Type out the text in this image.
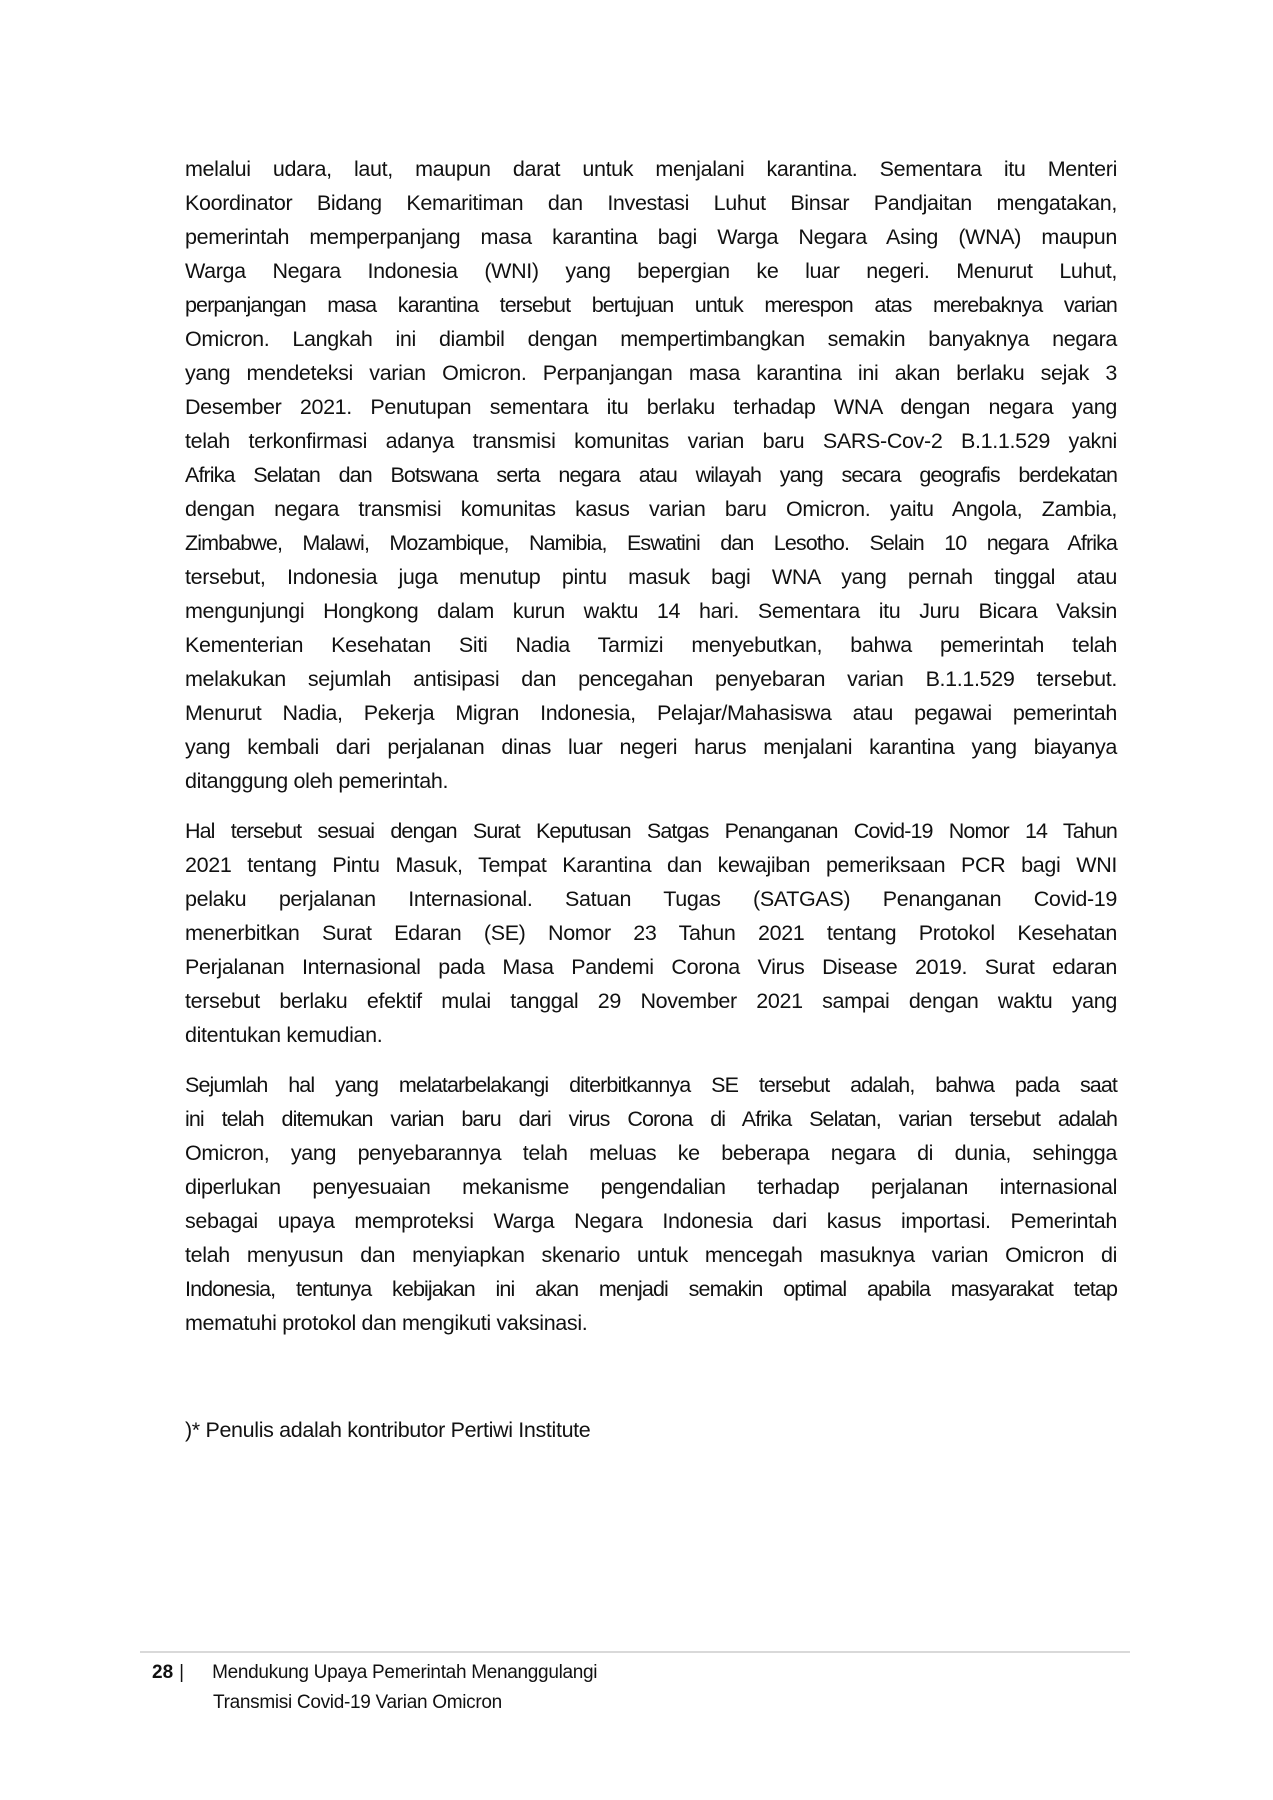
melalui udara, laut, maupun darat untuk menjalani karantina. Sementara itu Menteri
Koordinator Bidang Kemaritiman dan Investasi Luhut Binsar Pandjaitan mengatakan,
pemerintah memperpanjang masa karantina bagi Warga Negara Asing (WNA) maupun
Warga Negara Indonesia (WNI) yang bepergian ke luar negeri. Menurut Luhut,
perpanjangan masa karantina tersebut bertujuan untuk merespon atas merebaknya varian
Omicron. Langkah ini diambil dengan mempertimbangkan semakin banyaknya negara
yang mendeteksi varian Omicron. Perpanjangan masa karantina ini akan berlaku sejak 3
Desember 2021. Penutupan sementara itu berlaku terhadap WNA dengan negara yang
telah terkonfirmasi adanya transmisi komunitas varian baru SARS-Cov-2 B.1.1.529 yakni
Afrika Selatan dan Botswana serta negara atau wilayah yang secara geografis berdekatan
dengan negara transmisi komunitas kasus varian baru Omicron. yaitu Angola, Zambia,
Zimbabwe, Malawi, Mozambique, Namibia, Eswatini dan Lesotho. Selain 10 negara Afrika
tersebut, Indonesia juga menutup pintu masuk bagi WNA yang pernah tinggal atau
mengunjungi Hongkong dalam kurun waktu 14 hari. Sementara itu Juru Bicara Vaksin
Kementerian Kesehatan Siti Nadia Tarmizi menyebutkan, bahwa pemerintah telah
melakukan sejumlah antisipasi dan pencegahan penyebaran varian B.1.1.529 tersebut.
Menurut Nadia, Pekerja Migran Indonesia, Pelajar/Mahasiswa atau pegawai pemerintah
yang kembali dari perjalanan dinas luar negeri harus menjalani karantina yang biayanya
ditanggung oleh pemerintah.
Hal tersebut sesuai dengan Surat Keputusan Satgas Penanganan Covid-19 Nomor 14 Tahun
2021 tentang Pintu Masuk, Tempat Karantina dan kewajiban pemeriksaan PCR bagi WNI
pelaku perjalanan Internasional. Satuan Tugas (SATGAS) Penanganan Covid-19
menerbitkan Surat Edaran (SE) Nomor 23 Tahun 2021 tentang Protokol Kesehatan
Perjalanan Internasional pada Masa Pandemi Corona Virus Disease 2019. Surat edaran
tersebut berlaku efektif mulai tanggal 29 November 2021 sampai dengan waktu yang
ditentukan kemudian.
Sejumlah hal yang melatarbelakangi diterbitkannya SE tersebut adalah, bahwa pada saat
ini telah ditemukan varian baru dari virus Corona di Afrika Selatan, varian tersebut adalah
Omicron, yang penyebarannya telah meluas ke beberapa negara di dunia, sehingga
diperlukan penyesuaian mekanisme pengendalian terhadap perjalanan internasional
sebagai upaya memproteksi Warga Negara Indonesia dari kasus importasi. Pemerintah
telah menyusun dan menyiapkan skenario untuk mencegah masuknya varian Omicron di
Indonesia, tentunya kebijakan ini akan menjadi semakin optimal apabila masyarakat tetap
mematuhi protokol dan mengikuti vaksinasi.
)* Penulis adalah kontributor Pertiwi Institute
28 | Mendukung Upaya Pemerintah Menanggulangi
Transmisi Covid-19 Varian Omicron
